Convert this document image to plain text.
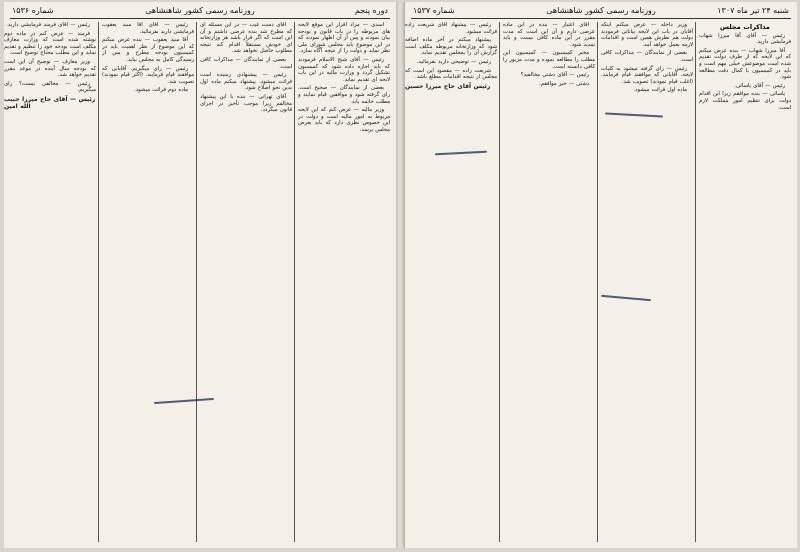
دوره پنجم
روزنامه رسمی کشور شاهنشاهی
شماره ۱۵۳۶

اسدی — مراد افزار این موقع لایحه های مربوطه را در باب قانون و بودجه بیان نمودند و پس از آن اظهار نمودند که در این موضوع باید مجلس شورای ملی نظر نماید و دولت را از نتیجه آگاه سازد.

رئیس — آقای شیخ الاسلام فرمودند که باید اجازه داده شود که کمیسیون تشکیل گردد و وزارت مالیه در این باب لایحه ای تقدیم نماید.

بعضی از نمایندگان — صحیح است. رای گرفته شود و موافقین قیام نمایند و مطلب خاتمه یابد.

وزیر مالیه — عرض کنم که این لایحه مربوط به امور مالیه است و دولت در این خصوص نظری دارد که باید بعرض مجلس برسد.

آقای دست غیب — در این مسئله ای که مطرح شد بنده عرضی داشتم و آن این است که اگر قرار باشد هر وزارتخانه ای خودش مستقلاً اقدام کند نتیجه مطلوب حاصل نخواهد شد.

بعضی از نمایندگان — مذاکرات کافی است.

رئیس — پیشنهادی رسیده است قرائت میشود. پیشنهاد میکنم ماده اول بدین نحو اصلاح شود.

آقای تهرانی — بنده با این پیشنهاد مخالفم زیرا موجب تأخیر در اجرای قانون میگردد.

رئیس — آقای آقا سید یعقوب فرمایشی دارید بفرمائید.

آقا سید یعقوب — بنده عرض میکنم که این موضوع از نظر اهمیت باید در کمیسیون بودجه مطرح و پس از رسیدگی کامل به مجلس بیاید.

رئیس — رای میگیریم. آقایانی که موافقند قیام فرمایند. (اکثر قیام نمودند) تصویب شد.

ماده دوم قرائت میشود.

رئیس — آقای فرمند فرمایشی دارید.

فرمند — عرض کنم در ماده دوم نوشته شده است که وزارت معارف مکلف است بودجه خود را تنظیم و تقدیم نماید و این مطلب محتاج توضیح است.

وزیر معارف — توضیح آن این است که بودجه سال آینده در موعد مقرر تقدیم خواهد شد.

رئیس — مخالفی نیست؟ رای میگیریم.

رئیس — آقای حاج میرزا حبیب الله امین
شنبه ۲۴ تیر ماه ۱۳۰۷
روزنامه رسمی کشور شاهنشاهی
شماره ۱۵۳۷
مذاکرات مجلس

رئیس — آقای آقا میرزا شهاب فرمایشی دارید.

آقا میرزا شهاب — بنده عرض میکنم که این لایحه که از طرف دولت تقدیم شده است موضوعش خیلی مهم است و باید در کمیسیون با کمال دقت مطالعه شود.

رئیس — آقای یاسائی.

یاسائی — بنده موافقم زیرا این اقدام دولت برای تنظیم امور مملکت لازم است.

وزیر داخله — عرض میکنم اینکه آقایان در باب این لایحه بیاناتی فرمودند دولت هم نظرش همین است و اقدامات لازمه بعمل خواهد آمد.

بعضی از نمایندگان — مذاکرات کافی است.

رئیس — رای گرفته میشود به کلیات لایحه. آقایانی که موافقند قیام فرمایند. (اغلب قیام نمودند) تصویب شد.

ماده اول قرائت میشود.

آقای اعتبار — بنده در این ماده عرضی دارم و آن این است که مدت مقرر در این ماده کافی نیست و باید تمدید شود.

مخبر کمیسیون — کمیسیون این مطلب را مطالعه نموده و مدت مزبور را کافی دانسته است.

رئیس — آقای دشتی مخالفید؟

دشتی — خیر موافقم.

رئیس — پیشنهاد آقای شریعت زاده قرائت میشود.

پیشنهاد میکنم در آخر ماده اضافه شود که وزارتخانه مربوطه مکلف است گزارش آن را بمجلس تقدیم نماید.

رئیس — توضیحی دارید بفرمائید.

شریعت زاده — مقصود این است که مجلس از نتیجه اقدامات مطلع باشد.

رئیس آقای حاج میرزا حسین
